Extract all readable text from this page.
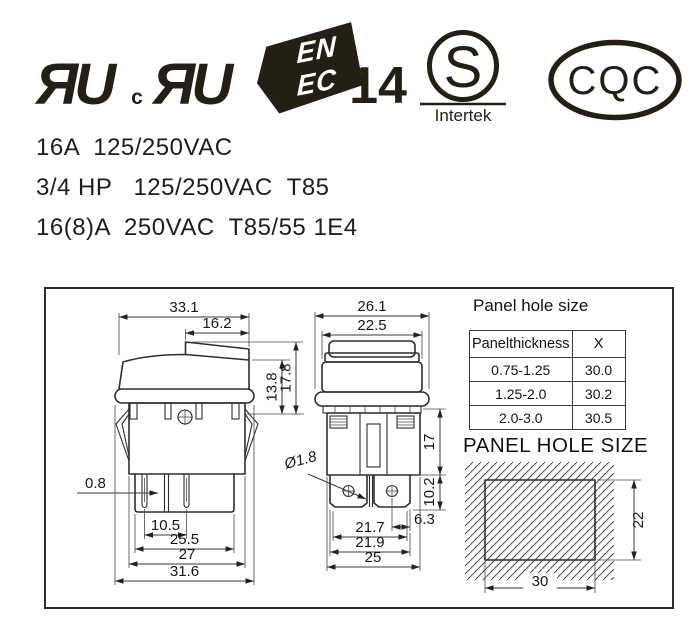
ЯU c ЯU
EN
EC 14 S
Intertek
CQC
16A  125/250VAC
3/4 HP   125/250VAC  T85
16(8)A  250VAC  T85/55 1E4
33.1
16.2
13.8
17.8
0.8
10.5
25.5
27
31.6
26.1
22.5
Ø1.8
17
10.2
6.3
21.7
21.9
25
22
30
Panel hole size
Panelthickness	X
0.75-1.25	30.0
1.25-2.0	30.2
2.0-3.0	30.5
PANEL HOLE SIZE
